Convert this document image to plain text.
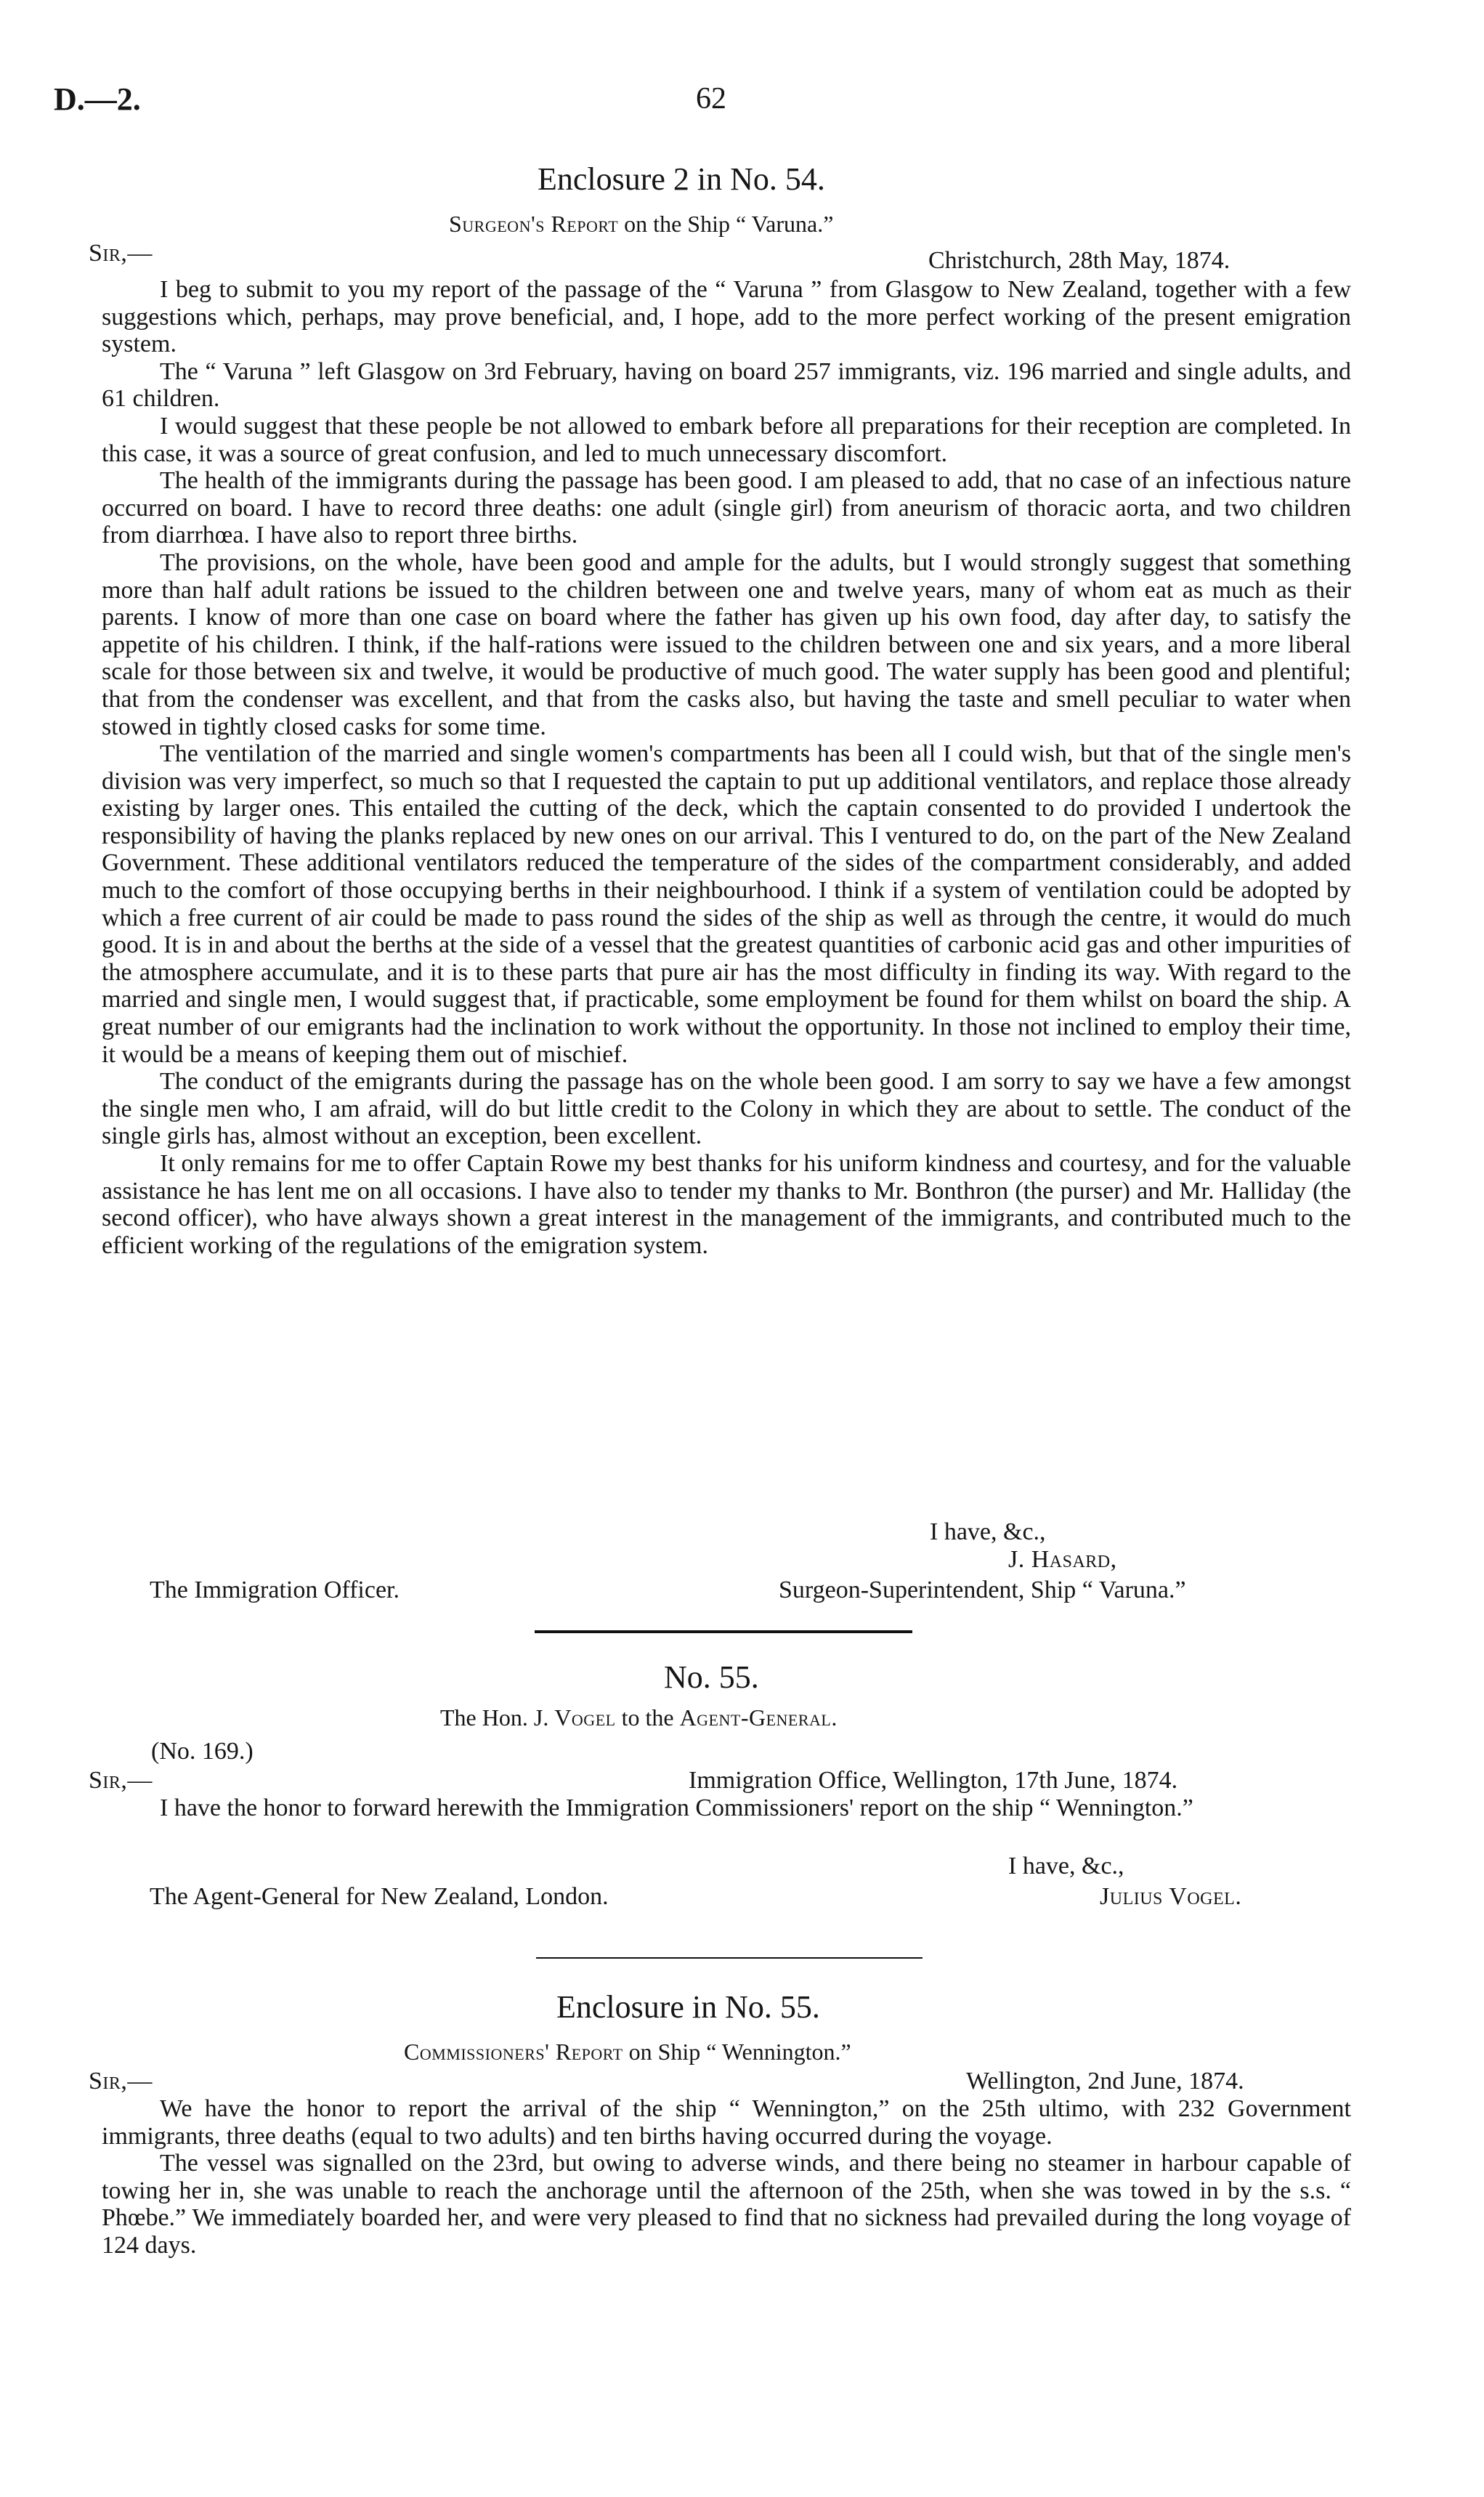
D.—2.	62
Enclosure 2 in No. 54.
Surgeon's Report on the Ship “ Varuna.”
Sir,—	Christchurch, 28th May, 1874.

I beg to submit to you my report of the passage of the “ Varuna ” from Glasgow to New Zealand, together with a few suggestions which, perhaps, may prove beneficial, and, I hope, add to the more perfect working of the present emigration system.

The “ Varuna ” left Glasgow on 3rd February, having on board 257 immigrants, viz. 196 married and single adults, and 61 children.

I would suggest that these people be not allowed to embark before all preparations for their reception are completed. In this case, it was a source of great confusion, and led to much unnecessary discomfort.

The health of the immigrants during the passage has been good. I am pleased to add, that no case of an infectious nature occurred on board. I have to record three deaths: one adult (single girl) from aneurism of thoracic aorta, and two children from diarrhœa. I have also to report three births.

The provisions, on the whole, have been good and ample for the adults, but I would strongly suggest that something more than half adult rations be issued to the children between one and twelve years, many of whom eat as much as their parents. I know of more than one case on board where the father has given up his own food, day after day, to satisfy the appetite of his children. I think, if the half-rations were issued to the children between one and six years, and a more liberal scale for those between six and twelve, it would be productive of much good. The water supply has been good and plentiful; that from the condenser was excellent, and that from the casks also, but having the taste and smell peculiar to water when stowed in tightly closed casks for some time.

The ventilation of the married and single women's compartments has been all I could wish, but that of the single men's division was very imperfect, so much so that I requested the captain to put up additional ventilators, and replace those already existing by larger ones. This entailed the cutting of the deck, which the captain consented to do provided I undertook the responsibility of having the planks replaced by new ones on our arrival. This I ventured to do, on the part of the New Zealand Government. These additional ventilators reduced the temperature of the sides of the compartment considerably, and added much to the comfort of those occupying berths in their neighbourhood. I think if a system of ventilation could be adopted by which a free current of air could be made to pass round the sides of the ship as well as through the centre, it would do much good. It is in and about the berths at the side of a vessel that the greatest quantities of carbonic acid gas and other impurities of the atmosphere accumulate, and it is to these parts that pure air has the most difficulty in finding its way. With regard to the married and single men, I would suggest that, if practicable, some employment be found for them whilst on board the ship. A great number of our emigrants had the inclination to work without the opportunity. In those not inclined to employ their time, it would be a means of keeping them out of mischief.

The conduct of the emigrants during the passage has on the whole been good. I am sorry to say we have a few amongst the single men who, I am afraid, will do but little credit to the Colony in which they are about to settle. The conduct of the single girls has, almost without an exception, been excellent.

It only remains for me to offer Captain Rowe my best thanks for his uniform kindness and courtesy, and for the valuable assistance he has lent me on all occasions. I have also to tender my thanks to Mr. Bonthron (the purser) and Mr. Halliday (the second officer), who have always shown a great interest in the management of the immigrants, and contributed much to the efficient working of the regulations of the emigration system.

I have, &c.,
J. Hasard,
The Immigration Officer.	Surgeon-Superintendent, Ship “ Varuna.”
No. 55.
The Hon. J. Vogel to the Agent-General.
(No. 169.)
Sir,—	Immigration Office, Wellington, 17th June, 1874.

I have the honor to forward herewith the Immigration Commissioners' report on the ship “ Wennington.”

I have, &c.,
The Agent-General for New Zealand, London.	Julius Vogel.
Enclosure in No. 55.
Commissioners' Report on Ship “ Wennington.”
Sir,—	Wellington, 2nd June, 1874.

We have the honor to report the arrival of the ship “ Wennington,” on the 25th ultimo, with 232 Government immigrants, three deaths (equal to two adults) and ten births having occurred during the voyage.

The vessel was signalled on the 23rd, but owing to adverse winds, and there being no steamer in harbour capable of towing her in, she was unable to reach the anchorage until the afternoon of the 25th, when she was towed in by the s.s. “ Phœbe.” We immediately boarded her, and were very pleased to find that no sickness had prevailed during the long voyage of 124 days.
